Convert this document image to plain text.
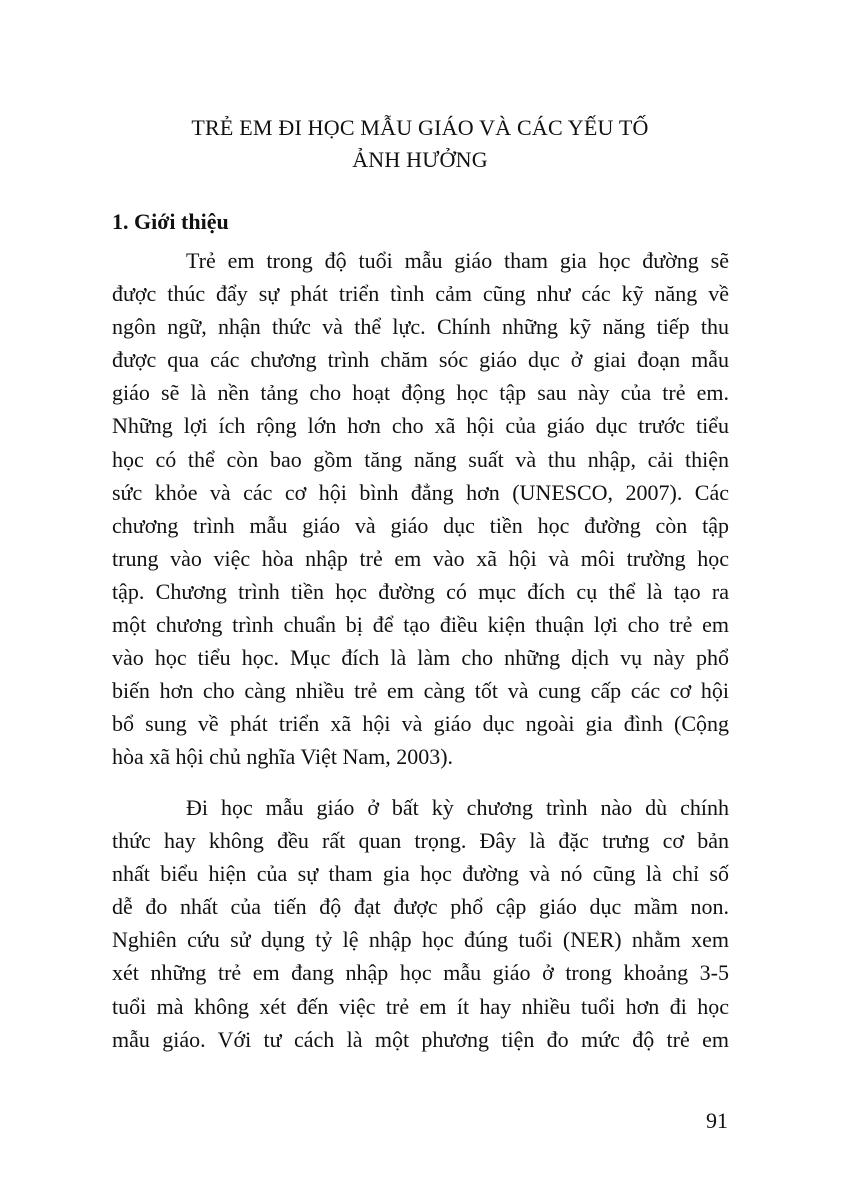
TRẺ EM ĐI HỌC MẪU GIÁO VÀ CÁC YẾU TỐ
ẢNH HƯỞNG
1. Giới thiệu
Trẻ em trong độ tuổi mẫu giáo tham gia học đường sẽ
được thúc đẩy sự phát triển tình cảm cũng như các kỹ năng về
ngôn ngữ, nhận thức và thể lực. Chính những kỹ năng tiếp thu
được qua các chương trình chăm sóc giáo dục ở giai đoạn mẫu
giáo sẽ là nền tảng cho hoạt động học tập sau này của trẻ em.
Những lợi ích rộng lớn hơn cho xã hội của giáo dục trước tiểu
học có thể còn bao gồm tăng năng suất và thu nhập, cải thiện
sức khỏe và các cơ hội bình đẳng hơn (UNESCO, 2007). Các
chương trình mẫu giáo và giáo dục tiền học đường còn tập
trung vào việc hòa nhập trẻ em vào xã hội và môi trường học
tập. Chương trình tiền học đường có mục đích cụ thể là tạo ra
một chương trình chuẩn bị để tạo điều kiện thuận lợi cho trẻ em
vào học tiểu học. Mục đích là làm cho những dịch vụ này phổ
biến hơn cho càng nhiều trẻ em càng tốt và cung cấp các cơ hội
bổ sung về phát triển xã hội và giáo dục ngoài gia đình (Cộng
hòa xã hội chủ nghĩa Việt Nam, 2003).
Đi học mẫu giáo ở bất kỳ chương trình nào dù chính
thức hay không đều rất quan trọng. Đây là đặc trưng cơ bản
nhất biểu hiện của sự tham gia học đường và nó cũng là chỉ số
dễ đo nhất của tiến độ đạt được phổ cập giáo dục mầm non.
Nghiên cứu sử dụng tỷ lệ nhập học đúng tuổi (NER) nhằm xem
xét những trẻ em đang nhập học mẫu giáo ở trong khoảng 3-5
tuổi mà không xét đến việc trẻ em ít hay nhiều tuổi hơn đi học
mẫu giáo. Với tư cách là một phương tiện đo mức độ trẻ em
91
